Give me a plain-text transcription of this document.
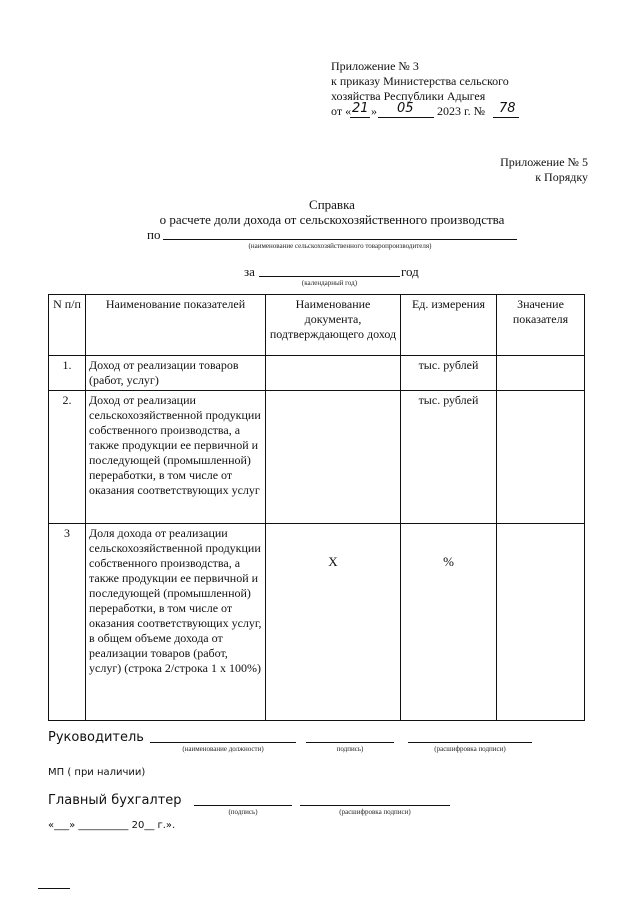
Приложение № 3
к приказу Министерства сельского
хозяйства Республики Адыгея
от « 21 » 05 2023 г. № 78
Приложение № 5
к Порядку
Справка
о расчете доли дохода от сельскохозяйственного производства
по
(наименование сельскохозяйственного товаропроизводителя)
за	год
(календарный год)
N п/п	Наименование показателей	Наименование документа, подтверждающего доход	Ед. измерения	Значение показателя
1.	Доход от реализации товаров (работ, услуг)		тыс. рублей	
2.	Доход от реализации сельскохозяйственной продукции собственного производства, а также продукции ее первичной и последующей (промышленной) переработки, в том числе от оказания соответствующих услуг		тыс. рублей	
3	Доля дохода от реализации сельскохозяйственной продукции собственного производства, а также продукции ее первичной и последующей (промышленной) переработки, в том числе от оказания соответствующих услуг, в общем объеме дохода от реализации товаров (работ, услуг) (строка 2/строка 1 х 100%)	X	%	
Руководитель
(наименование должности)	подпись)	(расшифровка подписи)
МП ( при наличии)
Главный бухгалтер
(подпись)	(расшифровка подписи)
«___» __________ 20__ г.».
